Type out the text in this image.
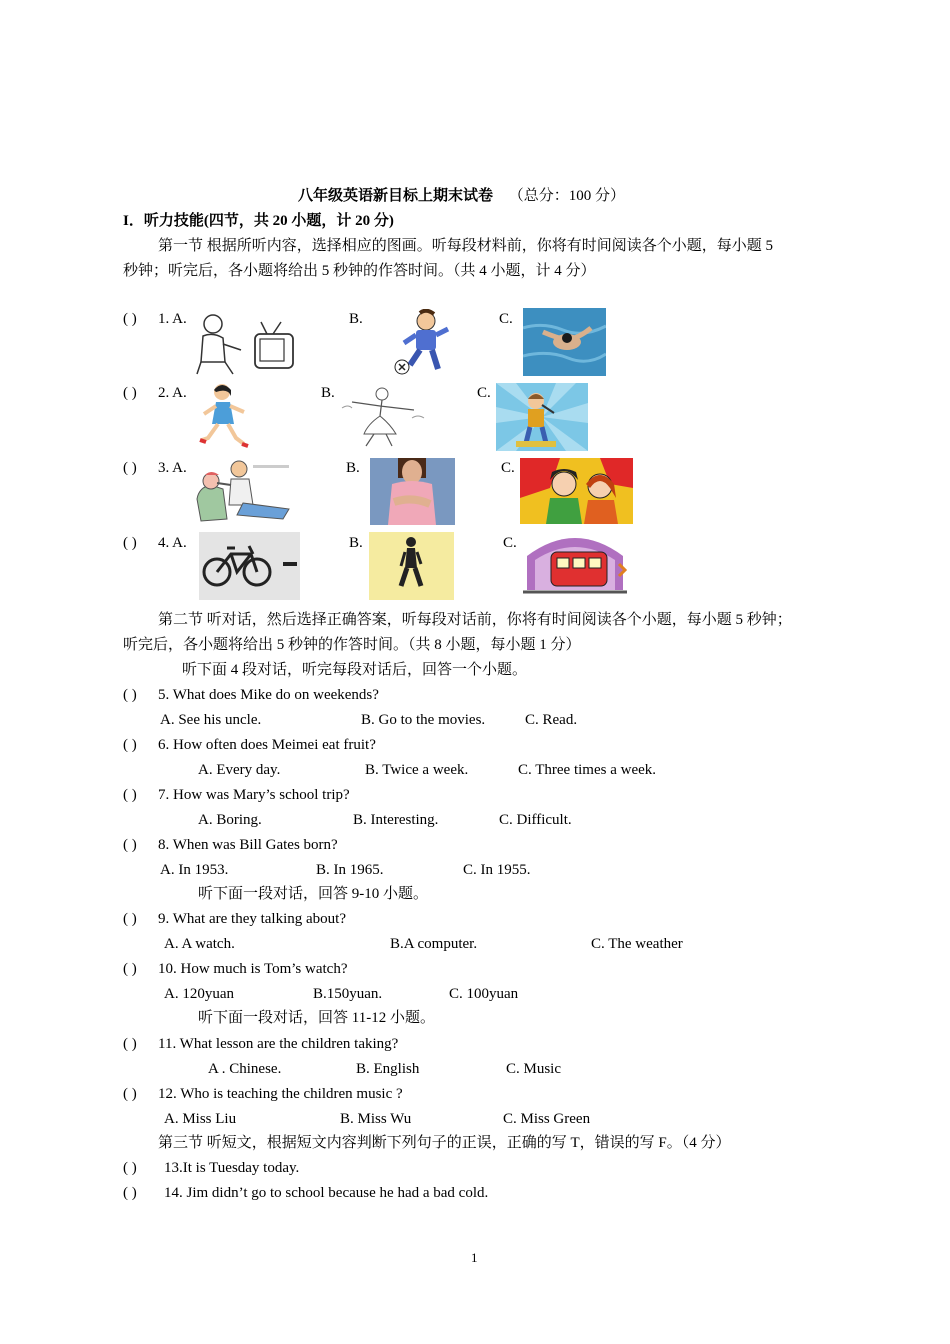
八年级英语新目标上期末试卷 （总分：100 分）
I．听力技能(四节，共 20 小题，计 20 分)
第一节 根据所听内容，选择相应的图画。听每段材料前，你将有时间阅读各个小题，每小题 5
秒钟；听完后，各小题将给出 5 秒钟的作答时间。（共 4 小题，计 4 分）
( ) 1. A.	B.	C.
( ) 2. A.	B.	C.
( ) 3. A.	B.	C.
( ) 4. A.	B.	C.
第二节 听对话，然后选择正确答案，听每段对话前，你将有时间阅读各个小题，每小题 5 秒钟；
听完后，各小题将给出 5 秒钟的作答时间。（共 8 小题，每小题 1 分）
听下面 4 段对话，听完每段对话后，回答一个小题。
( ) 5. What does Mike do on weekends?
A. See his uncle.	B. Go to the movies.	C. Read.
( ) 6. How often does Meimei eat fruit?
A. Every day.	B. Twice a week.	C. Three times a week.
( ) 7. How was Mary’s school trip?
A. Boring.	B. Interesting.	C. Difficult.
( ) 8. When was Bill Gates born?
A. In 1953.	B. In 1965.	C. In 1955.
听下面一段对话，回答 9-10 小题。
( ) 9. What are they talking about?
A. A watch.	B.A computer.	C. The weather
( ) 10. How much is Tom’s watch?
A. 120yuan	B.150yuan.	C. 100yuan
听下面一段对话，回答 11-12 小题。
( ) 11. What lesson are the children taking?
A . Chinese.	B. English	C. Music
( ) 12. Who is teaching the children music ?
A. Miss Liu	B. Miss Wu	C. Miss Green
第三节 听短文，根据短文内容判断下列句子的正误，正确的写 T，错误的写 F。（4 分）
( ) 13.It is Tuesday today.
( ) 14. Jim didn’t go to school because he had a bad cold.
1
